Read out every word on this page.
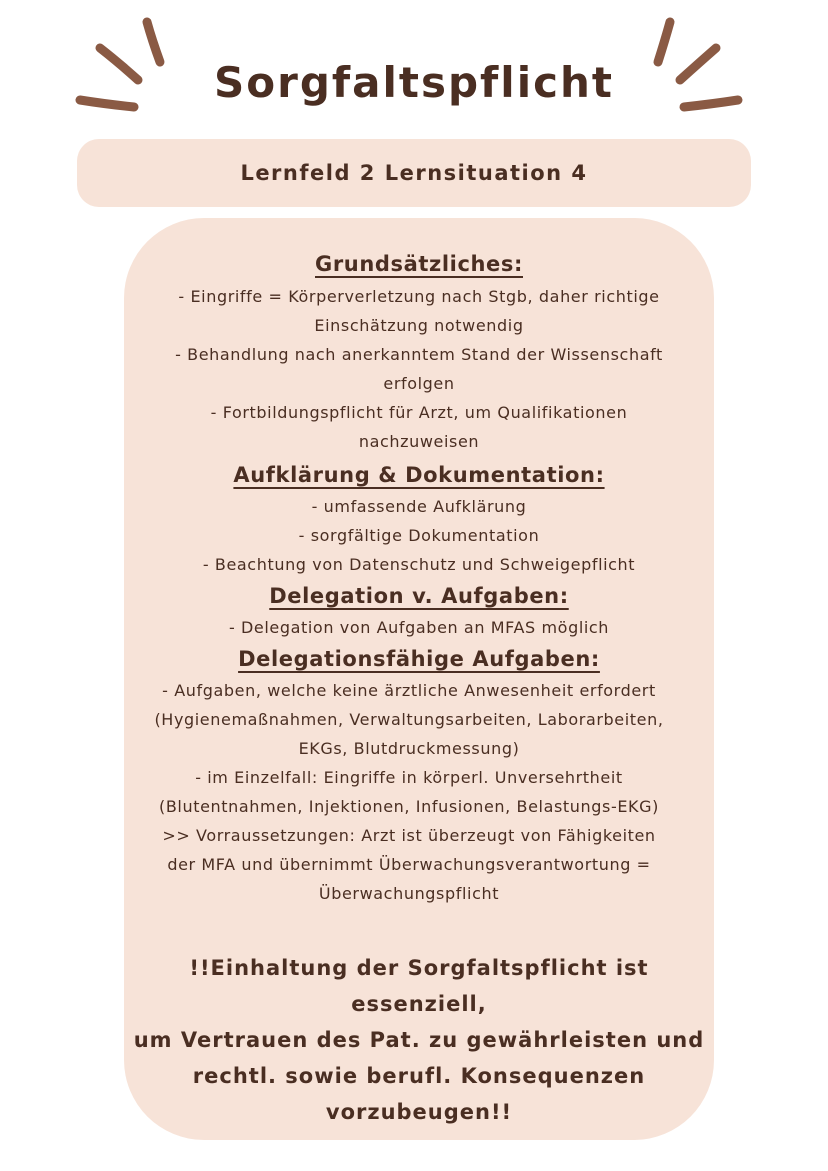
Sorgfaltspflicht
Lernfeld 2 Lernsituation 4
Grundsätzliches:
- Eingriffe = Körperverletzung nach Stgb, daher richtige
Einschätzung notwendig
- Behandlung nach anerkanntem Stand der Wissenschaft
erfolgen
- Fortbildungspflicht für Arzt, um Qualifikationen
nachzuweisen
Aufklärung & Dokumentation:
- umfassende Aufklärung
- sorgfältige Dokumentation
- Beachtung von Datenschutz und Schweigepflicht
Delegation v. Aufgaben:
- Delegation von Aufgaben an MFAS möglich
Delegationsfähige Aufgaben:
- Aufgaben, welche keine ärztliche Anwesenheit erfordert
(Hygienemaßnahmen, Verwaltungsarbeiten, Laborarbeiten,
EKGs, Blutdruckmessung)
- im Einzelfall: Eingriffe in körperl. Unversehrtheit
(Blutentnahmen, Injektionen, Infusionen, Belastungs-EKG)
>> Vorraussetzungen: Arzt ist überzeugt von Fähigkeiten
der MFA und übernimmt Überwachungsverantwortung =
Überwachungspflicht
!!Einhaltung der Sorgfaltspflicht ist essenziell,
um Vertrauen des Pat. zu gewährleisten und
rechtl. sowie berufl. Konsequenzen
vorzubeugen!!
